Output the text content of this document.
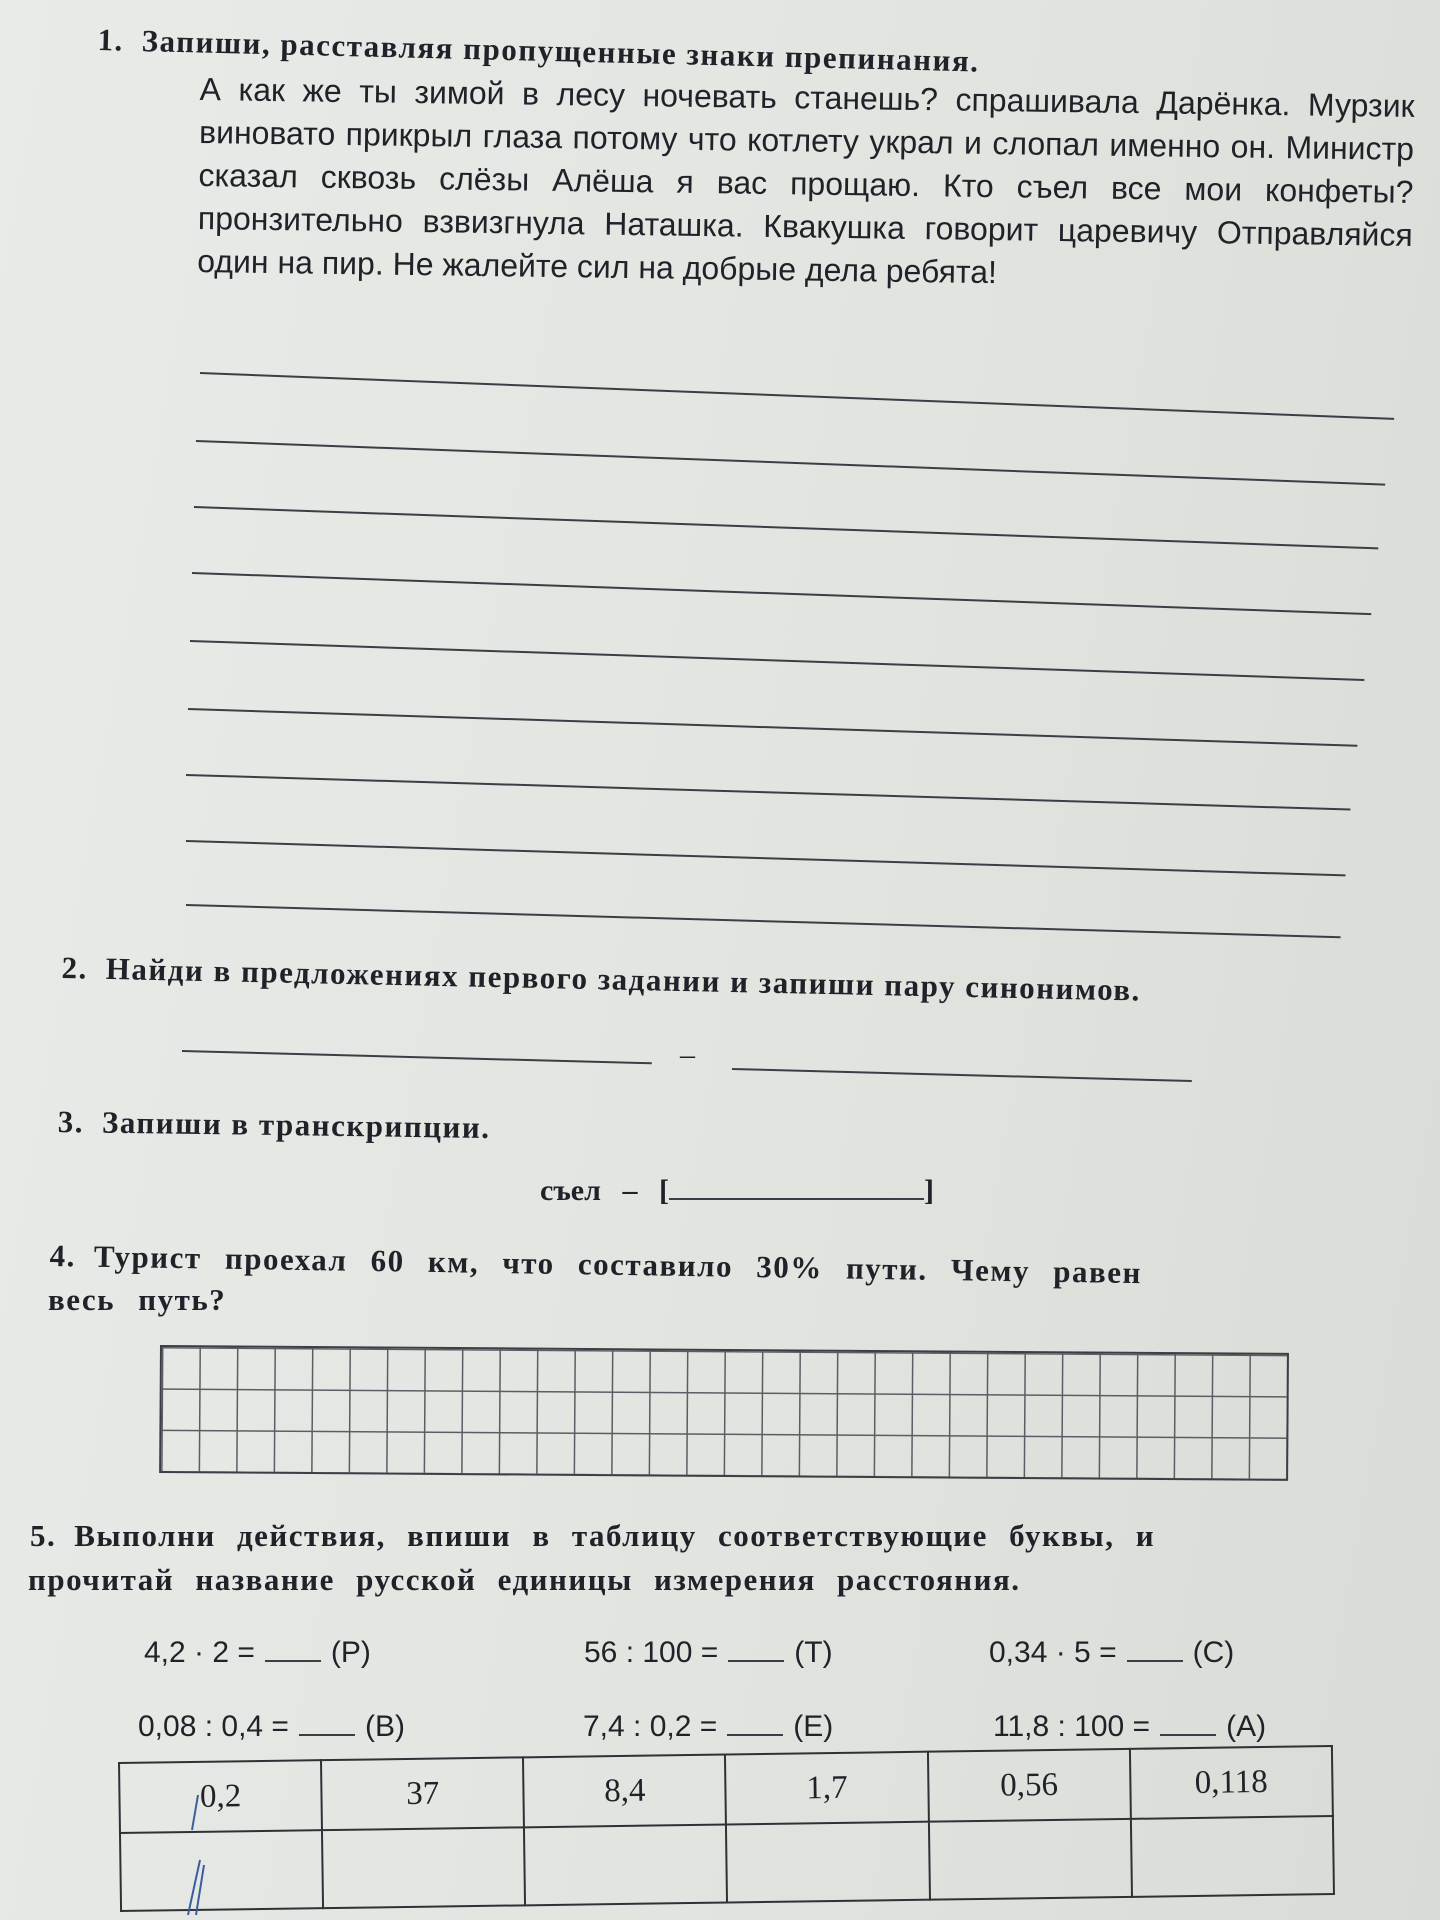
1. Запиши, расставляя пропущенные знаки препинания.
А как же ты зимой в лесу ночевать станешь? спрашивала Дарёнка. Мурзик виновато прикрыл глаза потому что котлету украл и слопал именно он. Министр сказал сквозь слёзы Алёша я вас прощаю. Кто съел все мои конфеты? пронзительно взвизгнула Наташка. Квакушка говорит царевичу Отправляйся один на пир. Не жалейте сил на добрые дела ребята!
2. Найди в предложениях первого задании и запиши пару синонимов.
–
3. Запиши в транскрипции.
съел – [	]
4. Турист проехал 60 км, что составило 30% пути. Чему равен
весь путь?
5. Выполни действия, впиши в таблицу соответствующие буквы, и
прочитай название русской единицы измерения расстояния.
4,2 · 2 =	(Р)	56 : 100 =	(Т)	0,34 · 5 =	(С)
0,08 : 0,4 =	(В)	7,4 : 0,2 =	(Е)	11,8 : 100 =	(А)
0,2	37	8,4	1,7	0,56	0,118
